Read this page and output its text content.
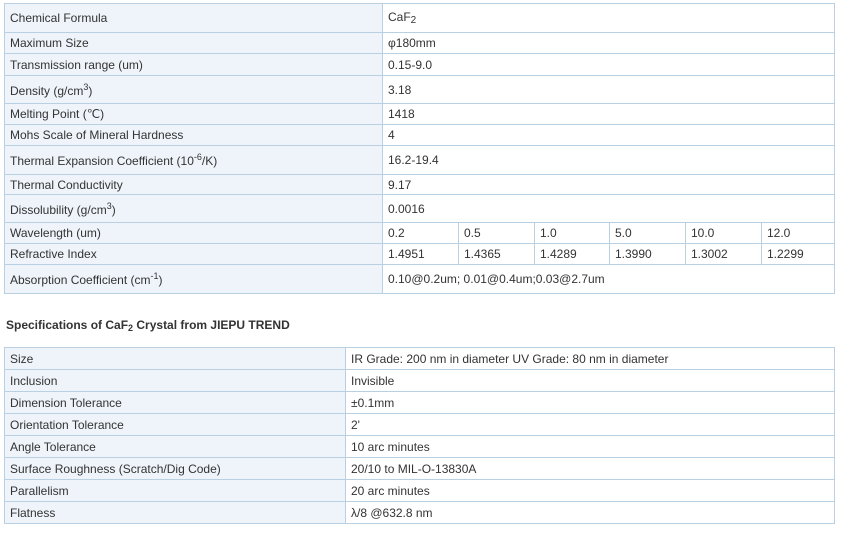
Chemical Formula	CaF2					
Maximum Size	φ180mm					
Transmission range (um)	0.15-9.0					
Density $(g/cm^3)$	3.18					
Melting Point (℃)	1418					
Mohs Scale of Mineral Hardness	4					
Thermal Expansion Coefficient $(10^{-6}/K)$	16.2-19.4					
Thermal Conductivity	9.17					
Dissolubility $(g/cm^3)$	0.0016					
Wavelength (um)	0.2	0.5	1.0	5.0	10.0	12.0
Refractive Index	1.4951	1.4365	1.4289	1.3990	1.3002	1.2299
Absorption Coefficient $(cm^{-1})$	0.10@0.2um; 0.01@0.4um;0.03@2.7um					
Specifications of CaF2 Crystal from JIEPU TREND
Size	IR Grade: 200 nm in diameter UV Grade: 80 nm in diameter
Inclusion	Invisible
Dimension Tolerance	±0.1mm
Orientation Tolerance	2'
Angle Tolerance	10 arc minutes
Surface Roughness (Scratch/Dig Code)	20/10 to MIL-O-13830A
Parallelism	20 arc minutes
Flatness	λ/8 @632.8 nm
